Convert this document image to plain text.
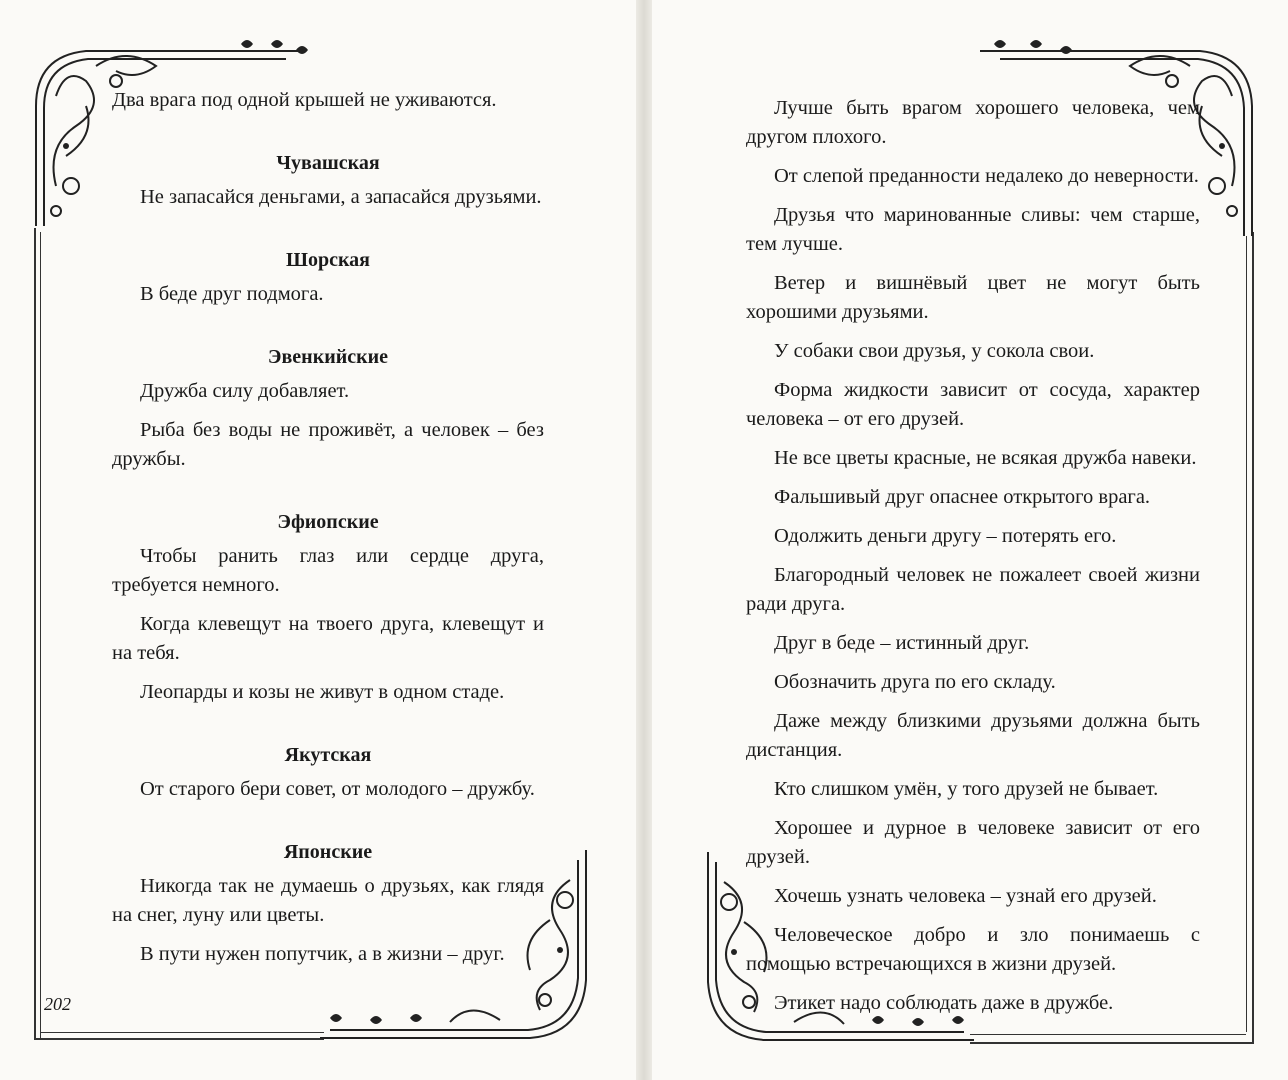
Два врага под одной крышей не уживаются.

Чувашская

Не запасайся деньгами, а запасайся друзьями.

Шорская

В беде друг подмога.

Эвенкийские

Дружба силу добавляет.

Рыба без воды не проживёт, а человек – без дружбы.

Эфиопские

Чтобы ранить глаз или сердце друга, требуется немного.

Когда клевещут на твоего друга, клевещут и на тебя.

Леопарды и козы не живут в одном стаде.

Якутская

От старого бери совет, от молодого – дружбу.

Японские

Никогда так не думаешь о друзьях, как глядя на снег, луну или цветы.

В пути нужен попутчик, а в жизни – друг.

202

Лучше быть врагом хорошего человека, чем другом плохого.

От слепой преданности недалеко до неверности.

Друзья что маринованные сливы: чем старше, тем лучше.

Ветер и вишнёвый цвет не могут быть хорошими друзьями.

У собаки свои друзья, у сокола свои.

Форма жидкости зависит от сосуда, характер человека – от его друзей.

Не все цветы красные, не всякая дружба навеки.

Фальшивый друг опаснее открытого врага.

Одолжить деньги другу – потерять его.

Благородный человек не пожалеет своей жизни ради друга.

Друг в беде – истинный друг.

Обозначить друга по его складу.

Даже между близкими друзьями должна быть дистанция.

Кто слишком умён, у того друзей не бывает.

Хорошее и дурное в человеке зависит от его друзей.

Хочешь узнать человека – узнай его друзей.

Человеческое добро и зло понимаешь с помощью встречающихся в жизни друзей.

Этикет надо соблюдать даже в дружбе.
